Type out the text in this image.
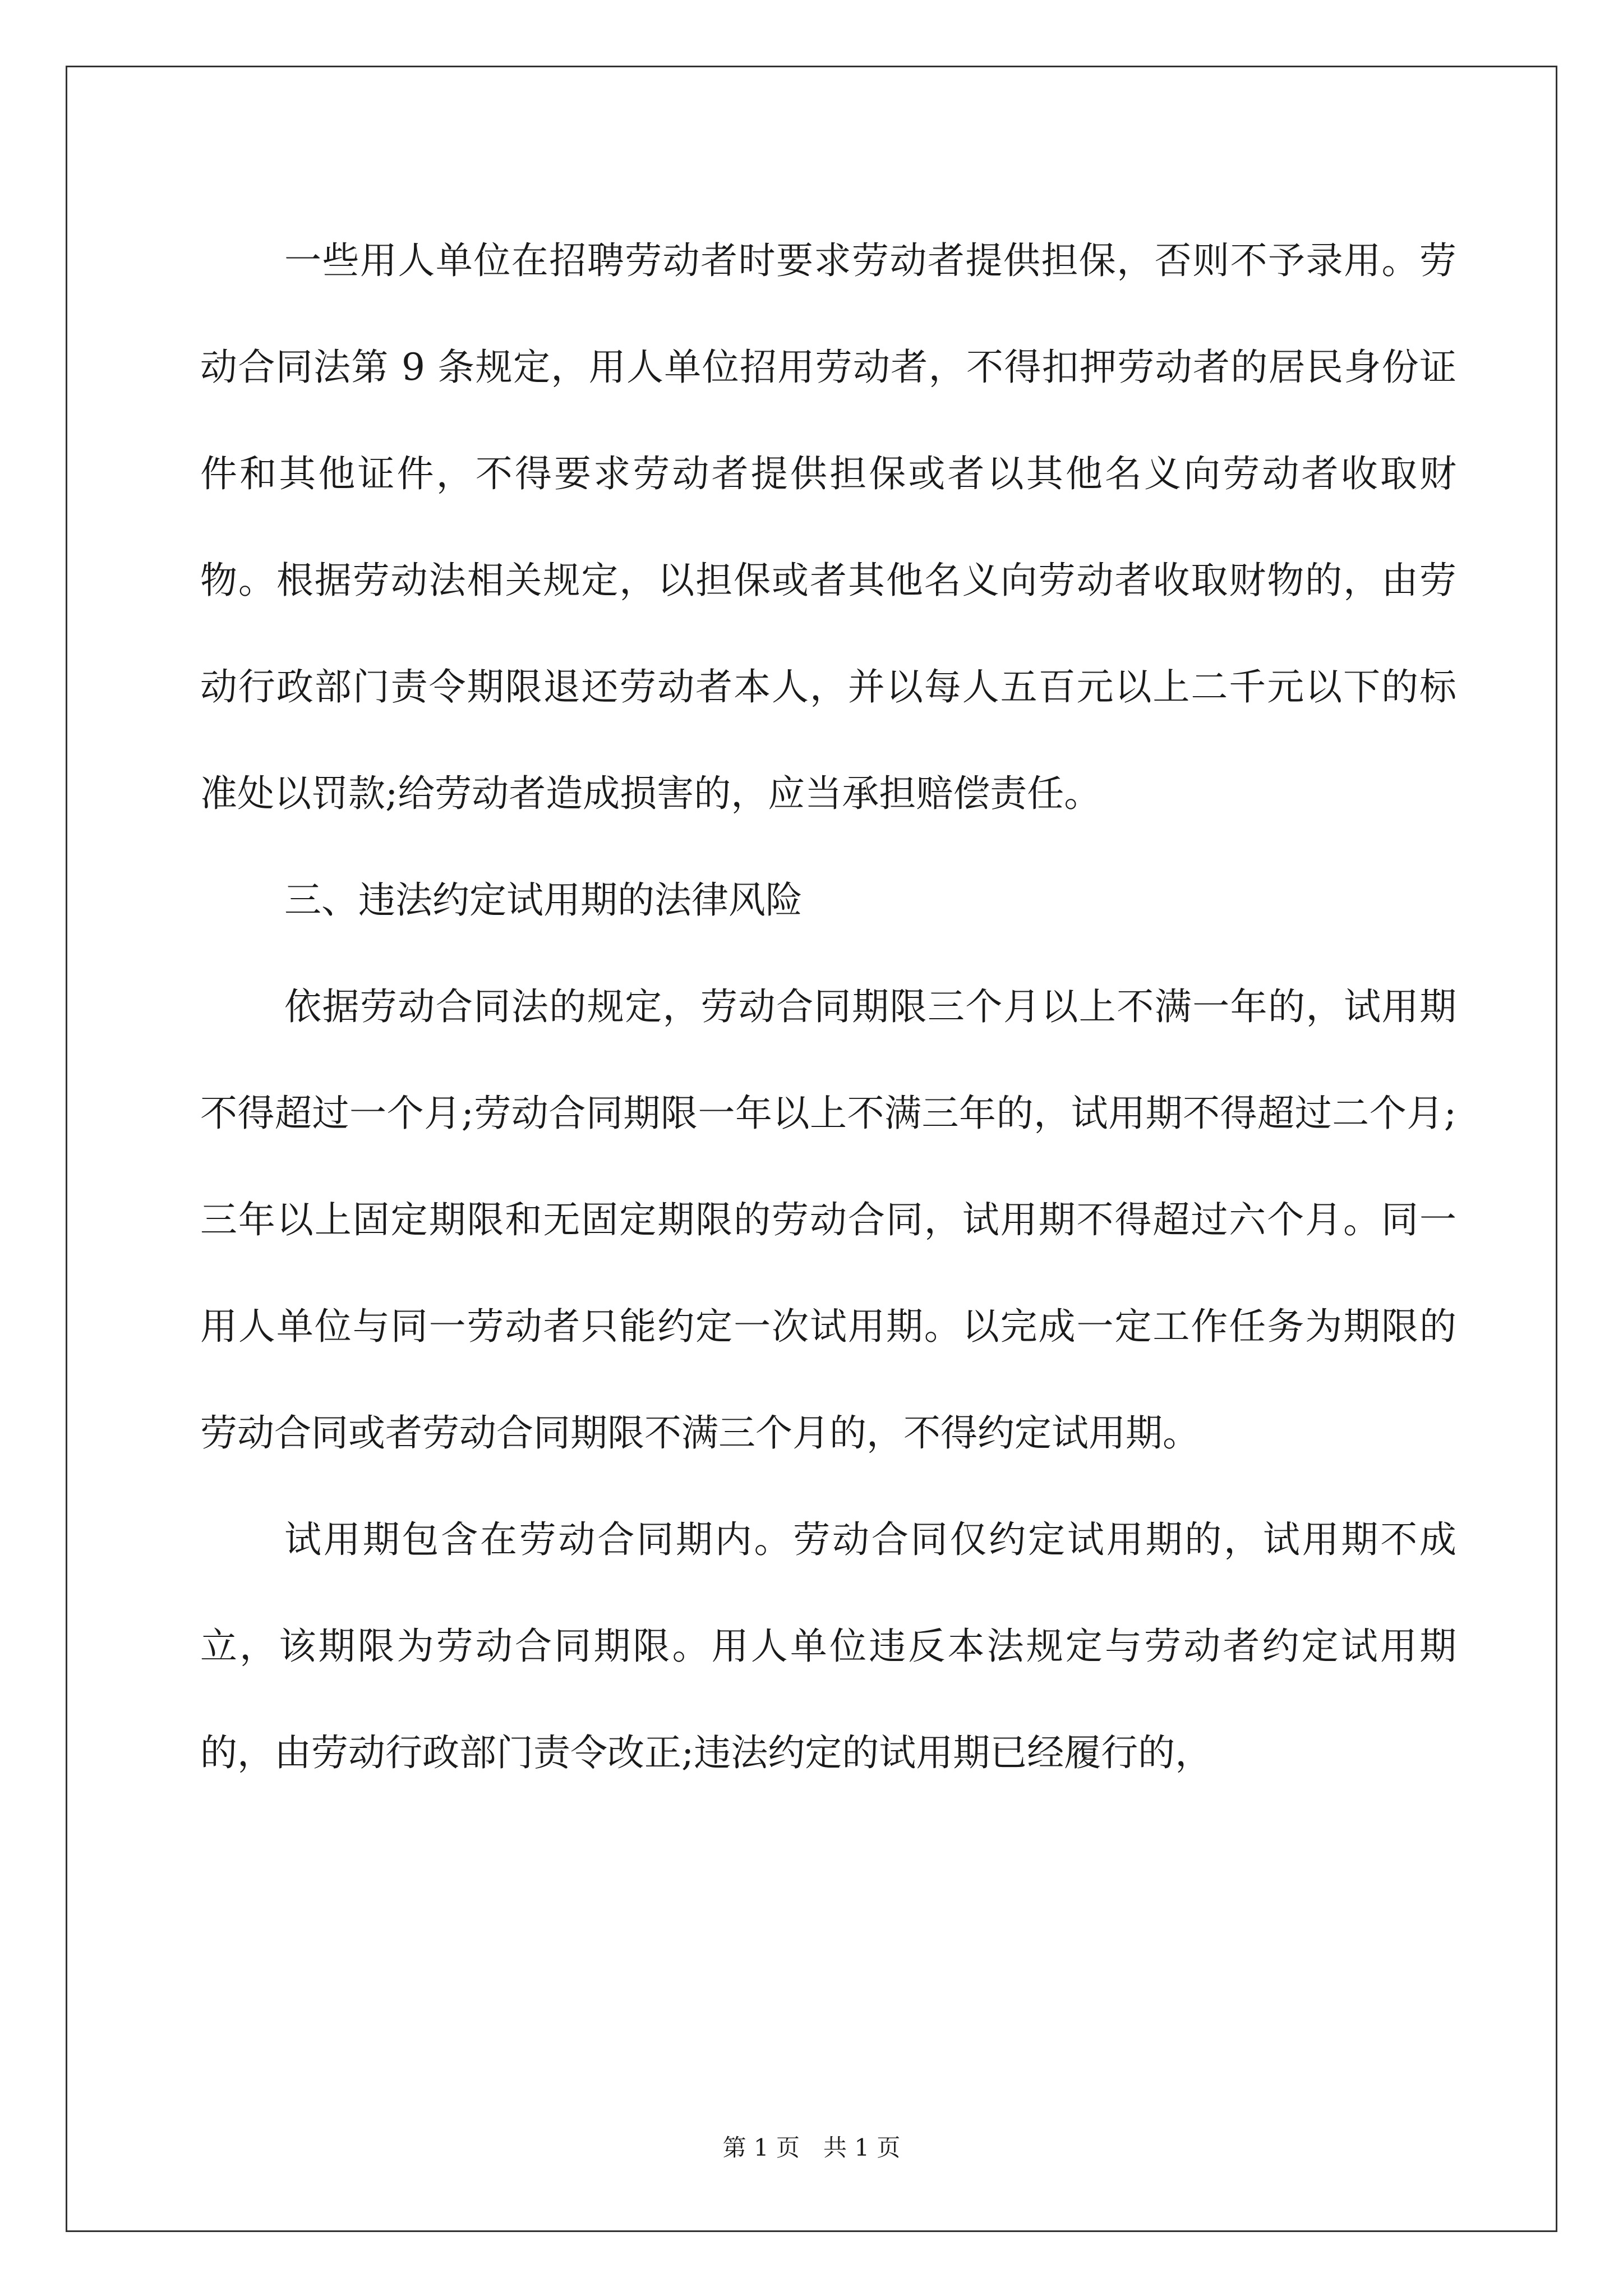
一些用人单位在招聘劳动者时要求劳动者提供担保，否则不予录用。劳动合同法第 9 条规定，用人单位招用劳动者，不得扣押劳动者的居民身份证件和其他证件，不得要求劳动者提供担保或者以其他名义向劳动者收取财物。根据劳动法相关规定，以担保或者其他名义向劳动者收取财物的，由劳动行政部门责令期限退还劳动者本人，并以每人五百元以上二千元以下的标准处以罚款;给劳动者造成损害的，应当承担赔偿责任。

三、违法约定试用期的法律风险

依据劳动合同法的规定，劳动合同期限三个月以上不满一年的，试用期不得超过一个月;劳动合同期限一年以上不满三年的，试用期不得超过二个月;三年以上固定期限和无固定期限的劳动合同，试用期不得超过六个月。同一用人单位与同一劳动者只能约定一次试用期。以完成一定工作任务为期限的劳动合同或者劳动合同期限不满三个月的，不得约定试用期。

试用期包含在劳动合同期内。劳动合同仅约定试用期的，试用期不成立，该期限为劳动合同期限。用人单位违反本法规定与劳动者约定试用期的，由劳动行政部门责令改正;违法约定的试用期已经履行的，

第 1 页　共 1 页
